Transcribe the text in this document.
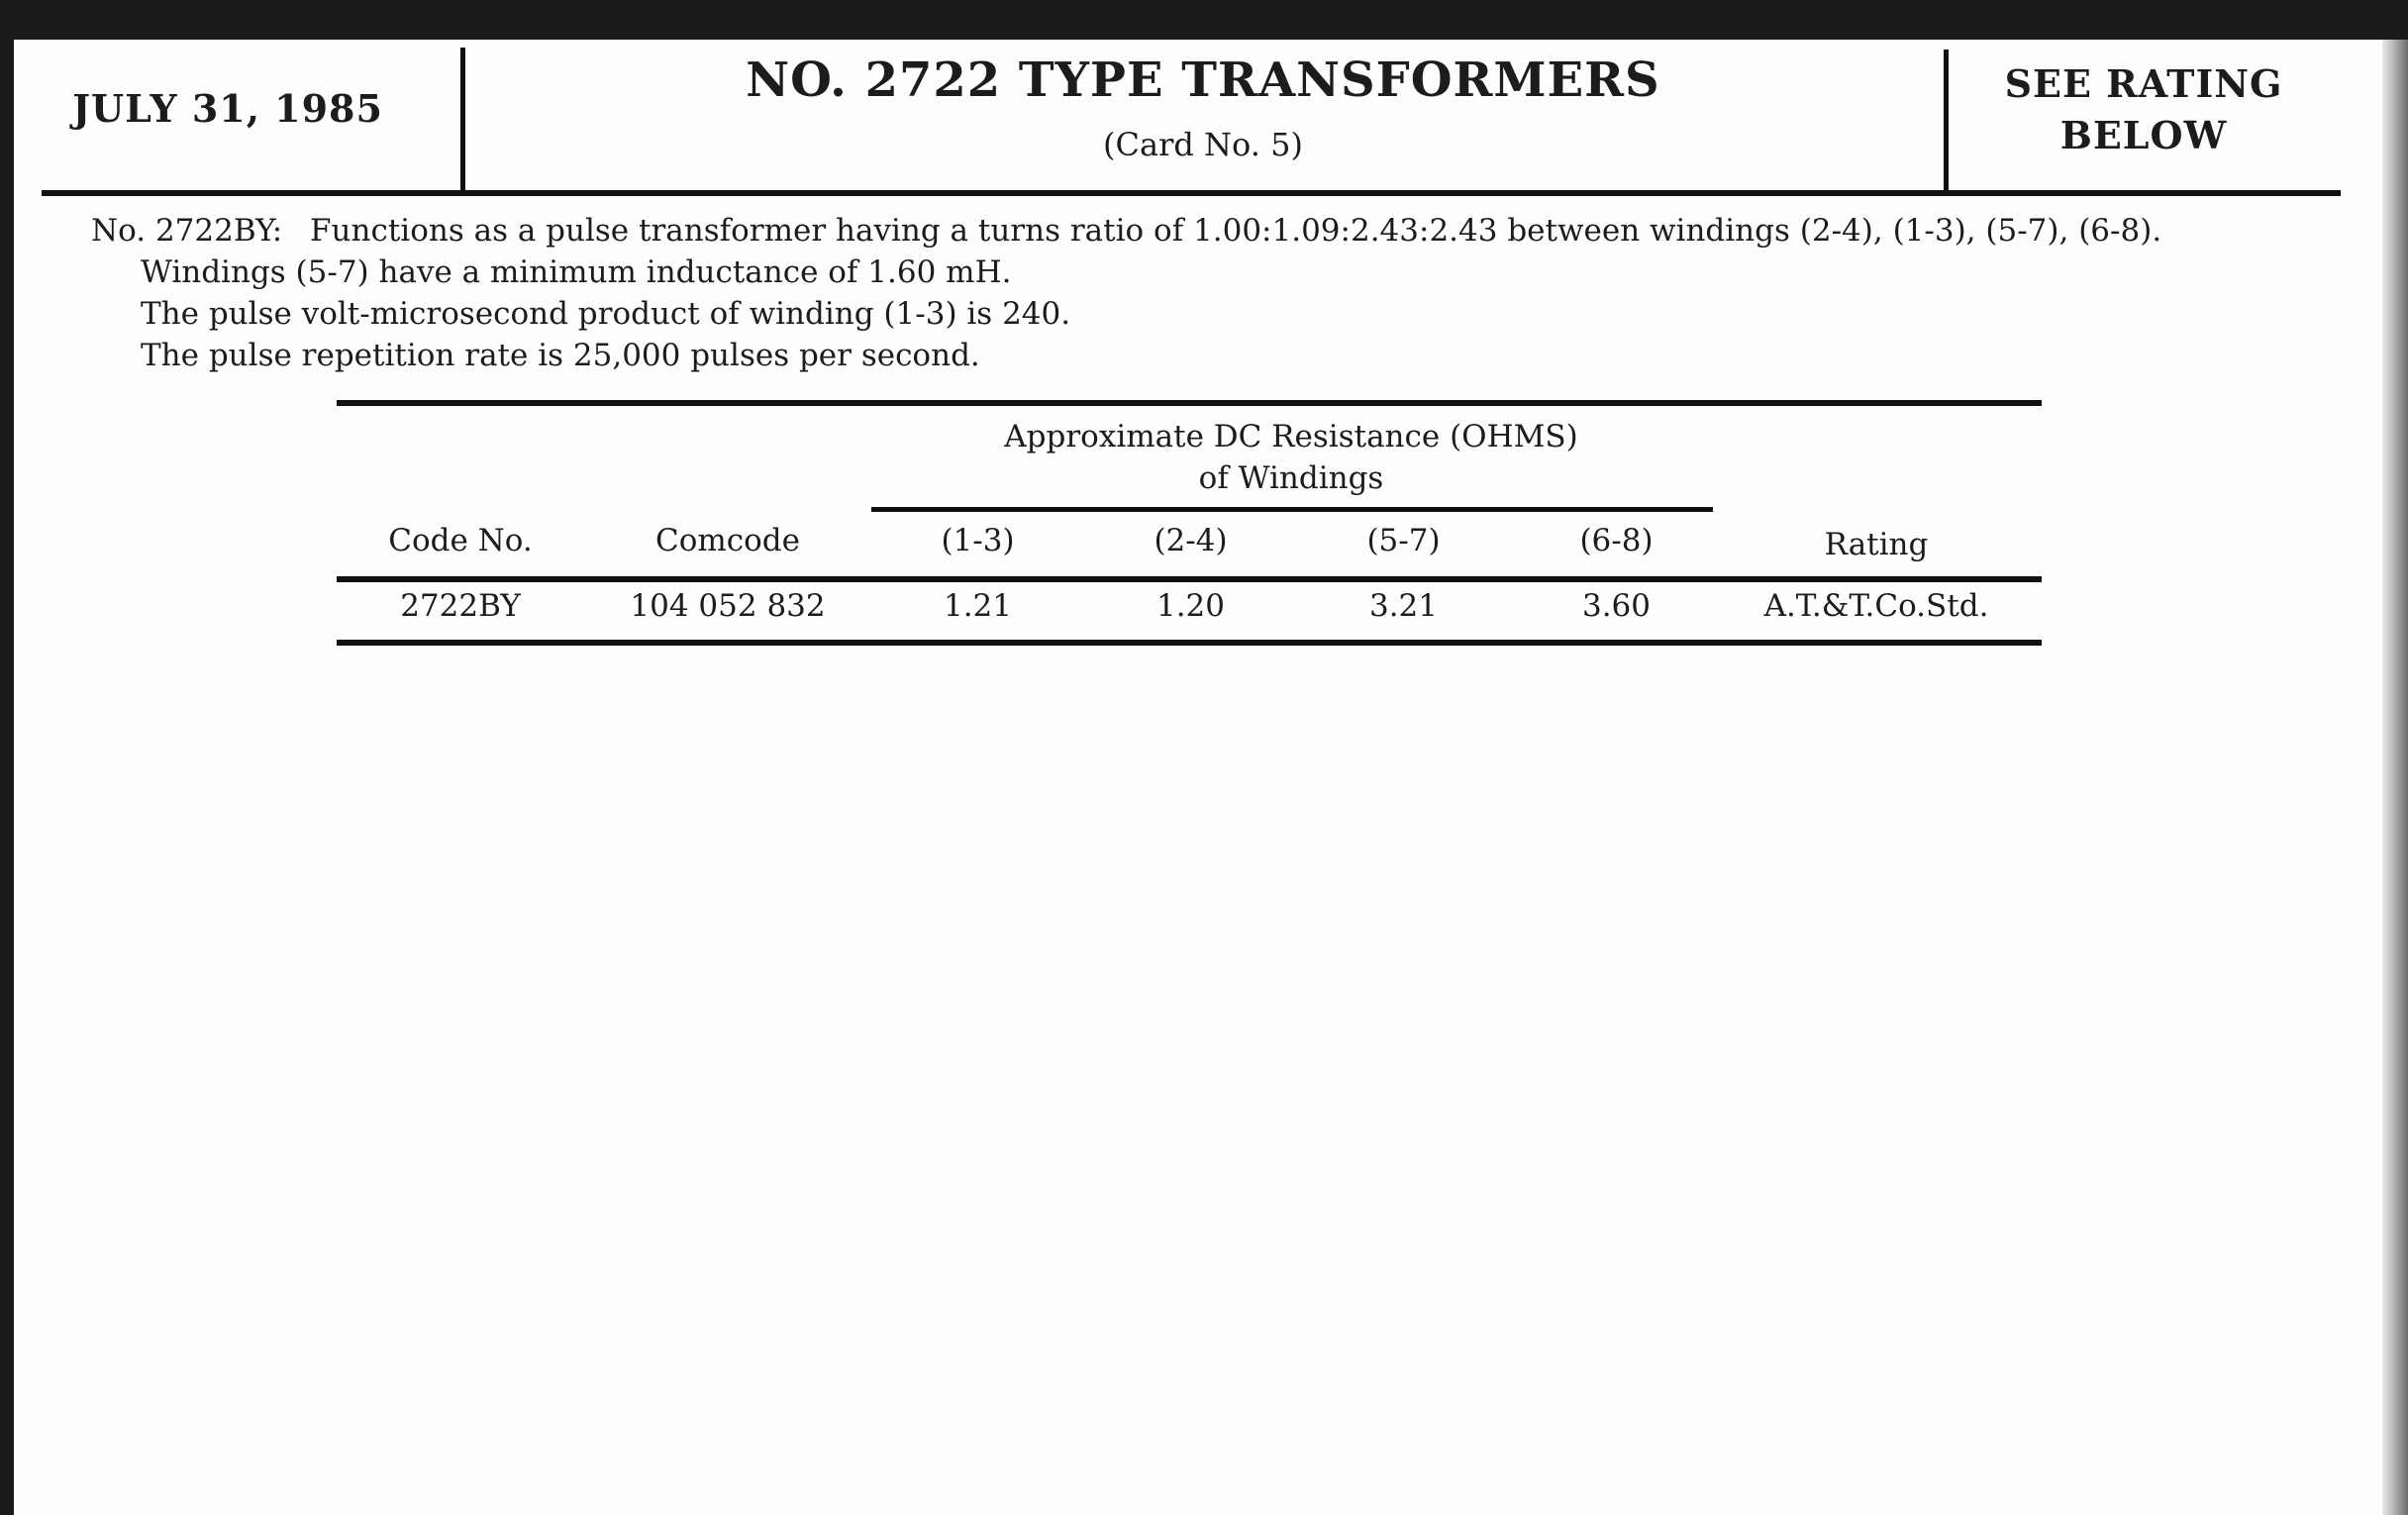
JULY 31, 1985	NO. 2722 TYPE TRANSFORMERS
(Card No. 5)
SEE RATING
BELOW
No. 2722BY: Functions as a pulse transformer having a turns ratio of 1.00:1.09:2.43:2.43 between windings (2-4), (1-3), (5-7), (6-8).
Windings (5-7) have a minimum inductance of 1.60 mH.
The pulse volt-microsecond product of winding (1-3) is 240.
The pulse repetition rate is 25,000 pulses per second.
Approximate DC Resistance (OHMS)
of Windings
Code No.	Comcode	(1-3)	(2-4)	(5-7)	(6-8)	Rating
2722BY	104 052 832	1.21	1.20	3.21	3.60	A.T.&T.Co.Std.
